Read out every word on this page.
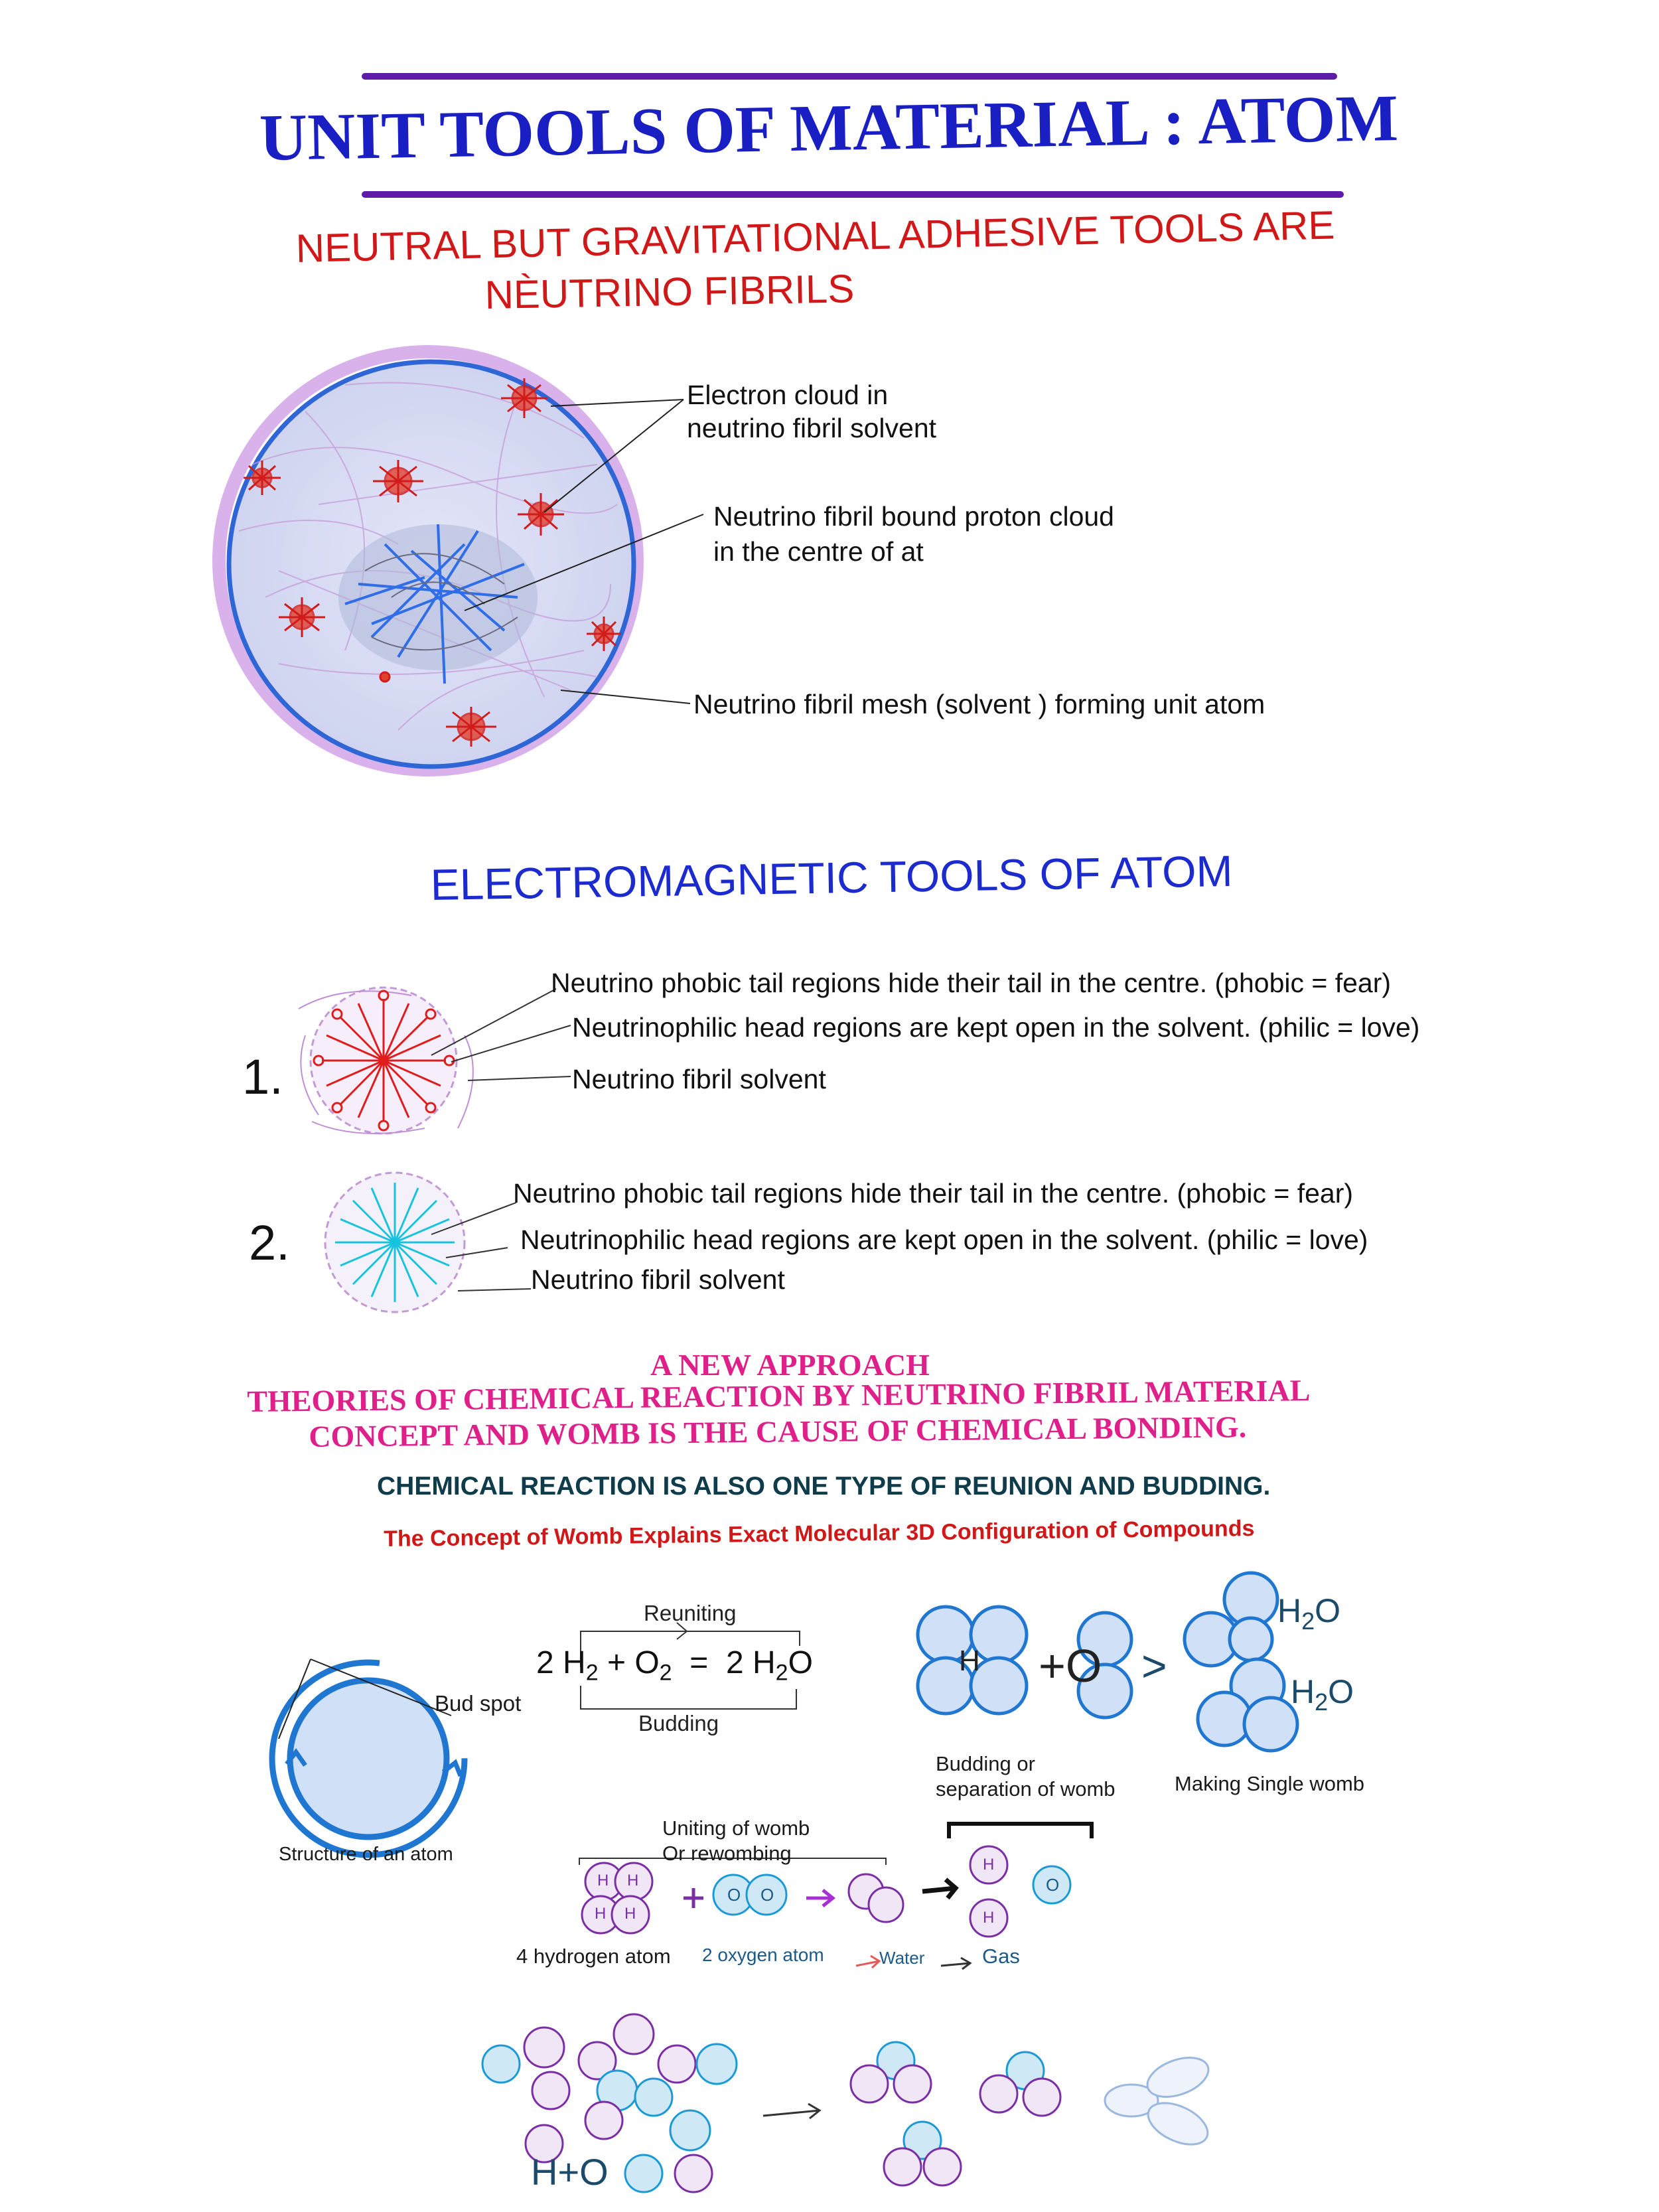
UNIT TOOLS OF MATERIAL : ATOM
NEUTRAL BUT GRAVITATIONAL ADHESIVE TOOLS ARE
NÈUTRINO FIBRILS
Electron cloud in
neutrino fibril solvent
Neutrino fibril bound proton cloud
in the centre of at
Neutrino fibril mesh (solvent ) forming unit atom
ELECTROMAGNETIC TOOLS OF ATOM
1.
Neutrino phobic tail regions hide their tail in the centre. (phobic = fear)
Neutrinophilic head regions are kept open in the solvent. (philic = love)
Neutrino fibril solvent
2.
Neutrino phobic tail regions hide their tail in the centre. (phobic = fear)
Neutrinophilic head regions are kept open in the solvent. (philic = love)
Neutrino fibril solvent
A NEW APPROACH
THEORIES OF CHEMICAL REACTION BY NEUTRINO FIBRIL MATERIAL
CONCEPT AND WOMB IS THE CAUSE OF CHEMICAL BONDING.
CHEMICAL REACTION IS ALSO ONE TYPE OF REUNION AND BUDDING.
The Concept of Womb Explains Exact Molecular 3D Configuration of Compounds
Reuniting
Budding
2 $H_2 + O_2 = 2$ $H_2O$
Bud spot
Structure of an atom
H +O >
$H_2O$
$H_2O$
Budding or
separation of womb	Making Single womb
Uniting of womb
Or rewombing
4 hydrogen atom 2 oxygen atom	Water	Gas
H+O
H H
H H
O O
H
H
O
